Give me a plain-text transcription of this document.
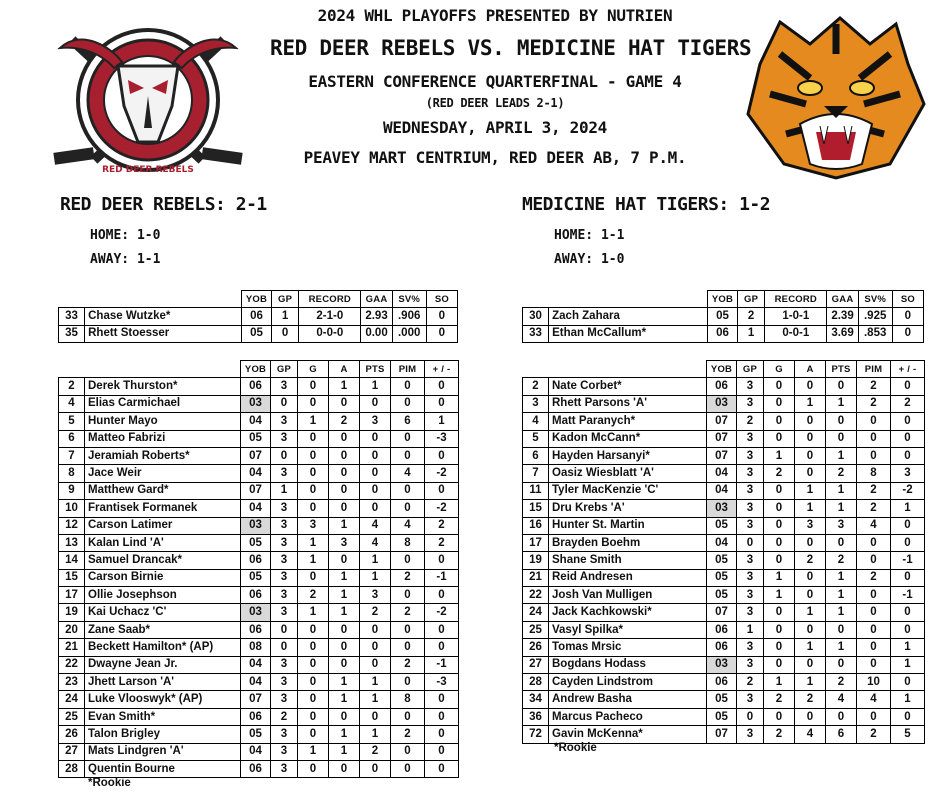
RED DEER REBELS
2024 WHL PLAYOFFS PRESENTED BY NUTRIEN
RED DEER REBELS VS. MEDICINE HAT TIGERS
EASTERN CONFERENCE QUARTERFINAL - GAME 4
(RED DEER LEADS 2-1)
WEDNESDAY, APRIL 3, 2024
PEAVEY MART CENTRIUM, RED DEER AB, 7 P.M.
RED DEER REBELS: 2-1
HOME: 1-0
AWAY: 1-1
MEDICINE HAT TIGERS: 1-2
HOME: 1-1
AWAY: 1-0
		YOB	GP	RECORD	GAA	SV%	SO
33	Chase Wutzke*	06	1	2-1-0	2.93	.906	0
35	Rhett Stoesser	05	0	0-0-0	0.00	.000	0
		YOB	GP	RECORD	GAA	SV%	SO
30	Zach Zahara	05	2	1-0-1	2.39	.925	0
33	Ethan McCallum*	06	1	0-0-1	3.69	.853	0
		YOB	GP	G	A	PTS	PIM	+ / -
2	Derek Thurston*	06	3	0	1	1	0	0
4	Elias Carmichael	03	0	0	0	0	0	0
5	Hunter Mayo	04	3	1	2	3	6	1
6	Matteo Fabrizi	05	3	0	0	0	0	-3
7	Jeramiah Roberts*	07	0	0	0	0	0	0
8	Jace Weir	04	3	0	0	0	4	-2
9	Matthew Gard*	07	1	0	0	0	0	0
10	Frantisek Formanek	04	3	0	0	0	0	-2
12	Carson Latimer	03	3	3	1	4	4	2
13	Kalan Lind 'A'	05	3	1	3	4	8	2
14	Samuel Drancak*	06	3	1	0	1	0	0
15	Carson Birnie	05	3	0	1	1	2	-1
17	Ollie Josephson	06	3	2	1	3	0	0
19	Kai Uchacz 'C'	03	3	1	1	2	2	-2
20	Zane Saab*	06	0	0	0	0	0	0
21	Beckett Hamilton* (AP)	08	0	0	0	0	0	0
22	Dwayne Jean Jr.	04	3	0	0	0	2	-1
23	Jhett Larson 'A'	04	3	0	1	1	0	-3
24	Luke Vlooswyk* (AP)	07	3	0	1	1	8	0
25	Evan Smith*	06	2	0	0	0	0	0
26	Talon Brigley	05	3	0	1	1	2	0
27	Mats Lindgren 'A'	04	3	1	1	2	0	0
28	Quentin Bourne	06	3	0	0	0	0	0
		YOB	GP	G	A	PTS	PIM	+ / -
2	Nate Corbet*	06	3	0	0	0	2	0
3	Rhett Parsons 'A'	03	3	0	1	1	2	2
4	Matt Paranych*	07	2	0	0	0	0	0
5	Kadon McCann*	07	3	0	0	0	0	0
6	Hayden Harsanyi*	07	3	1	0	1	0	0
7	Oasiz Wiesblatt 'A'	04	3	2	0	2	8	3
11	Tyler MacKenzie 'C'	04	3	0	1	1	2	-2
15	Dru Krebs 'A'	03	3	0	1	1	2	1
16	Hunter St. Martin	05	3	0	3	3	4	0
17	Brayden Boehm	04	0	0	0	0	0	0
19	Shane Smith	05	3	0	2	2	0	-1
21	Reid Andresen	05	3	1	0	1	2	0
22	Josh Van Mulligen	05	3	1	0	1	0	-1
24	Jack Kachkowski*	07	3	0	1	1	0	0
25	Vasyl Spilka*	06	1	0	0	0	0	0
26	Tomas Mrsic	06	3	0	1	1	0	1
27	Bogdans Hodass	03	3	0	0	0	0	1
28	Cayden Lindstrom	06	2	1	1	2	10	0
34	Andrew Basha	05	3	2	2	4	4	1
36	Marcus Pacheco	05	0	0	0	0	0	0
72	Gavin McKenna*	07	3	2	4	6	2	5
*Rookie
*Rookie
